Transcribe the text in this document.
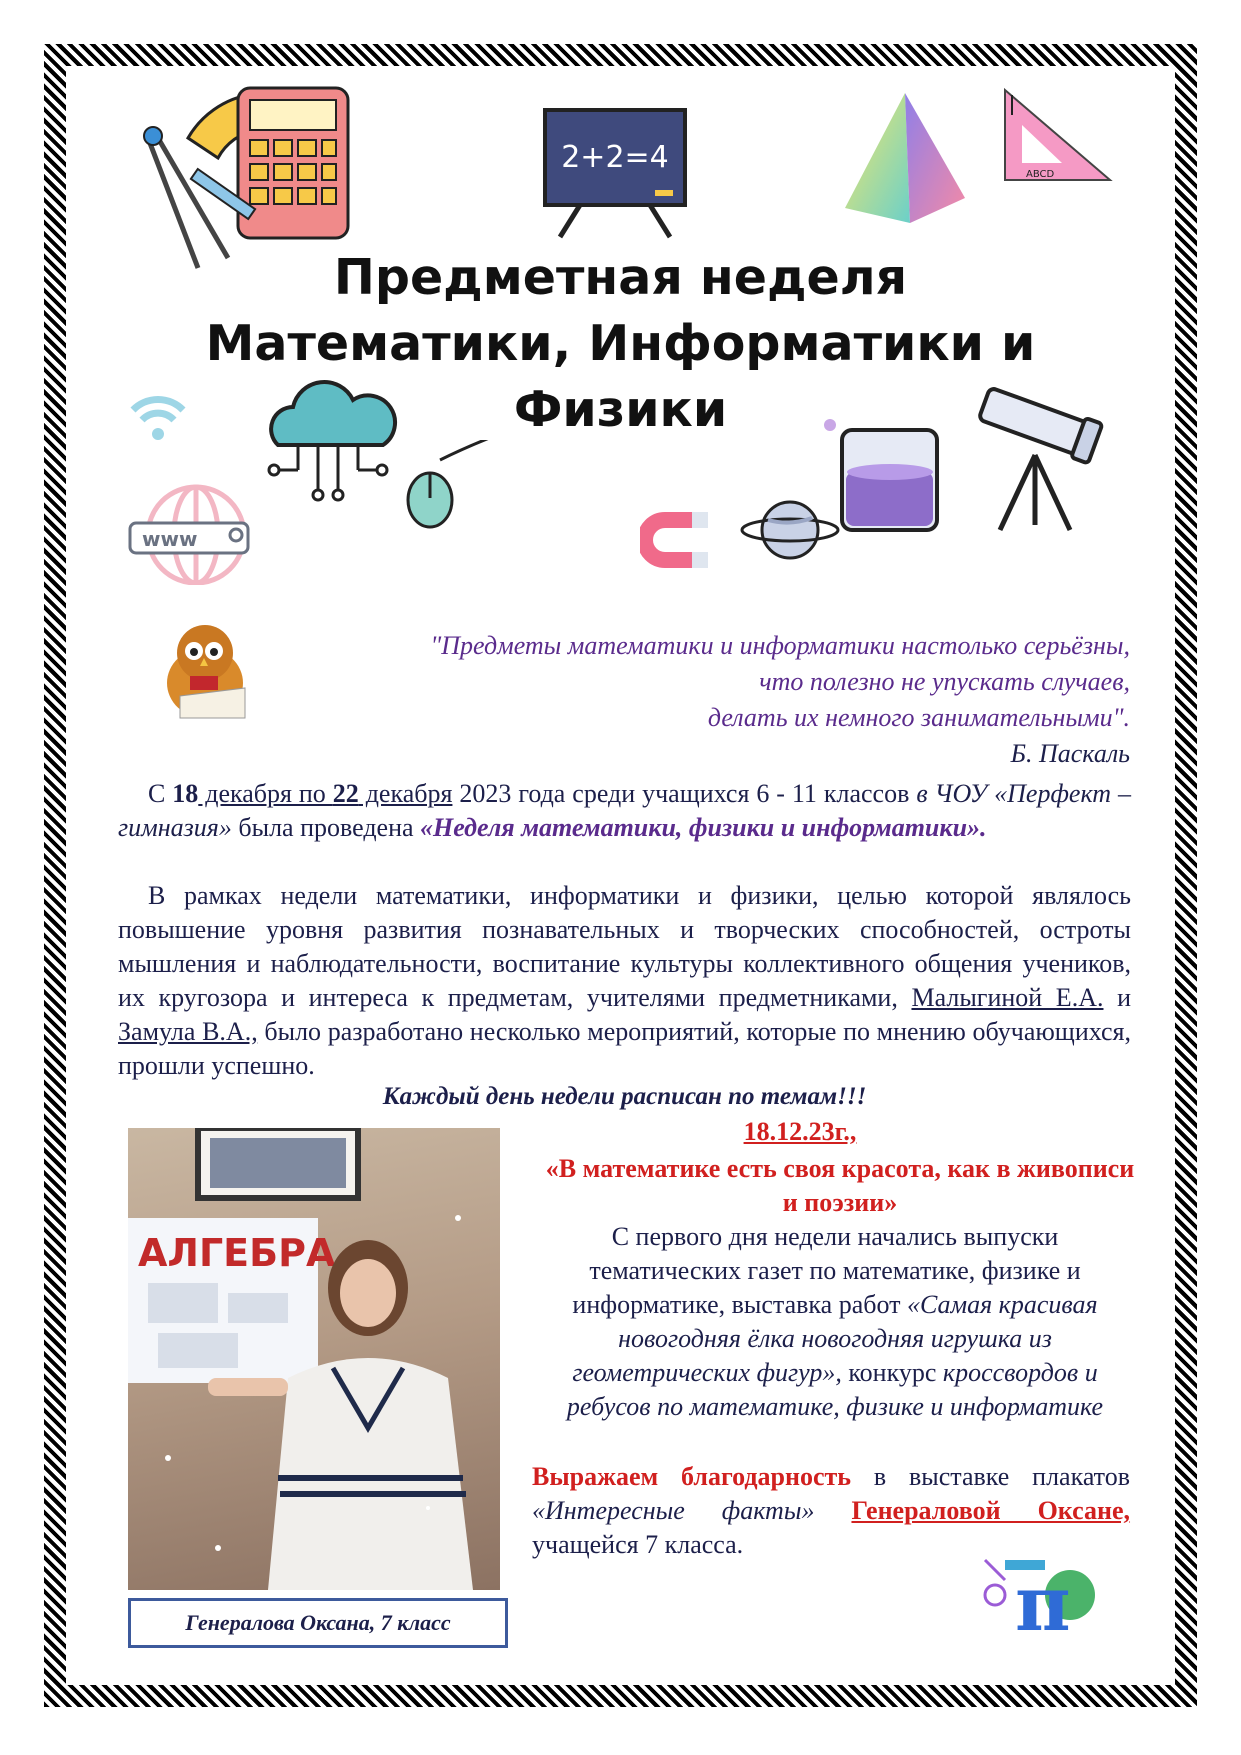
2+2=4	ABCD
Предметная неделя
Математики, Информатики и
Физики
www
"Предметы математики и информатики настолько серьёзны,
что полезно не упускать случаев,
делать их немного занимательными".
Б. Паскаль
С 18 декабря по 22 декабря 2023 года среди учащихся 6 - 11 классов в ЧОУ «Перфект – гимназия» была проведена «Неделя математики, физики и информатики».
В рамках недели математики, информатики и физики, целью которой являлось повышение уровня развития познавательных и творческих способностей, остроты мышления и наблюдательности, воспитание культуры коллективного общения учеников, их кругозора и интереса к предметам, учителями предметниками, Малыгиной Е.А. и Замула В.А., было разработано несколько мероприятий, которые по мнению обучающихся, прошли успешно.
Каждый день недели расписан по темам!!!
АЛГЕБРА
Генералова Оксана, 7 класс
18.12.23г.,
«В математике есть своя красота, как в живописи и поэзии»
С первого дня недели начались выпуски тематических газет по математике, физике и информатике, выставка работ «Самая красивая новогодняя ёлка новогодняя игрушка из геометрических фигур», конкурс кроссвордов и ребусов по математике, физике и информатике
Выражаем благодарность в выставке плакатов «Интересные факты» Генераловой Оксане, учащейся 7 класса.
π
